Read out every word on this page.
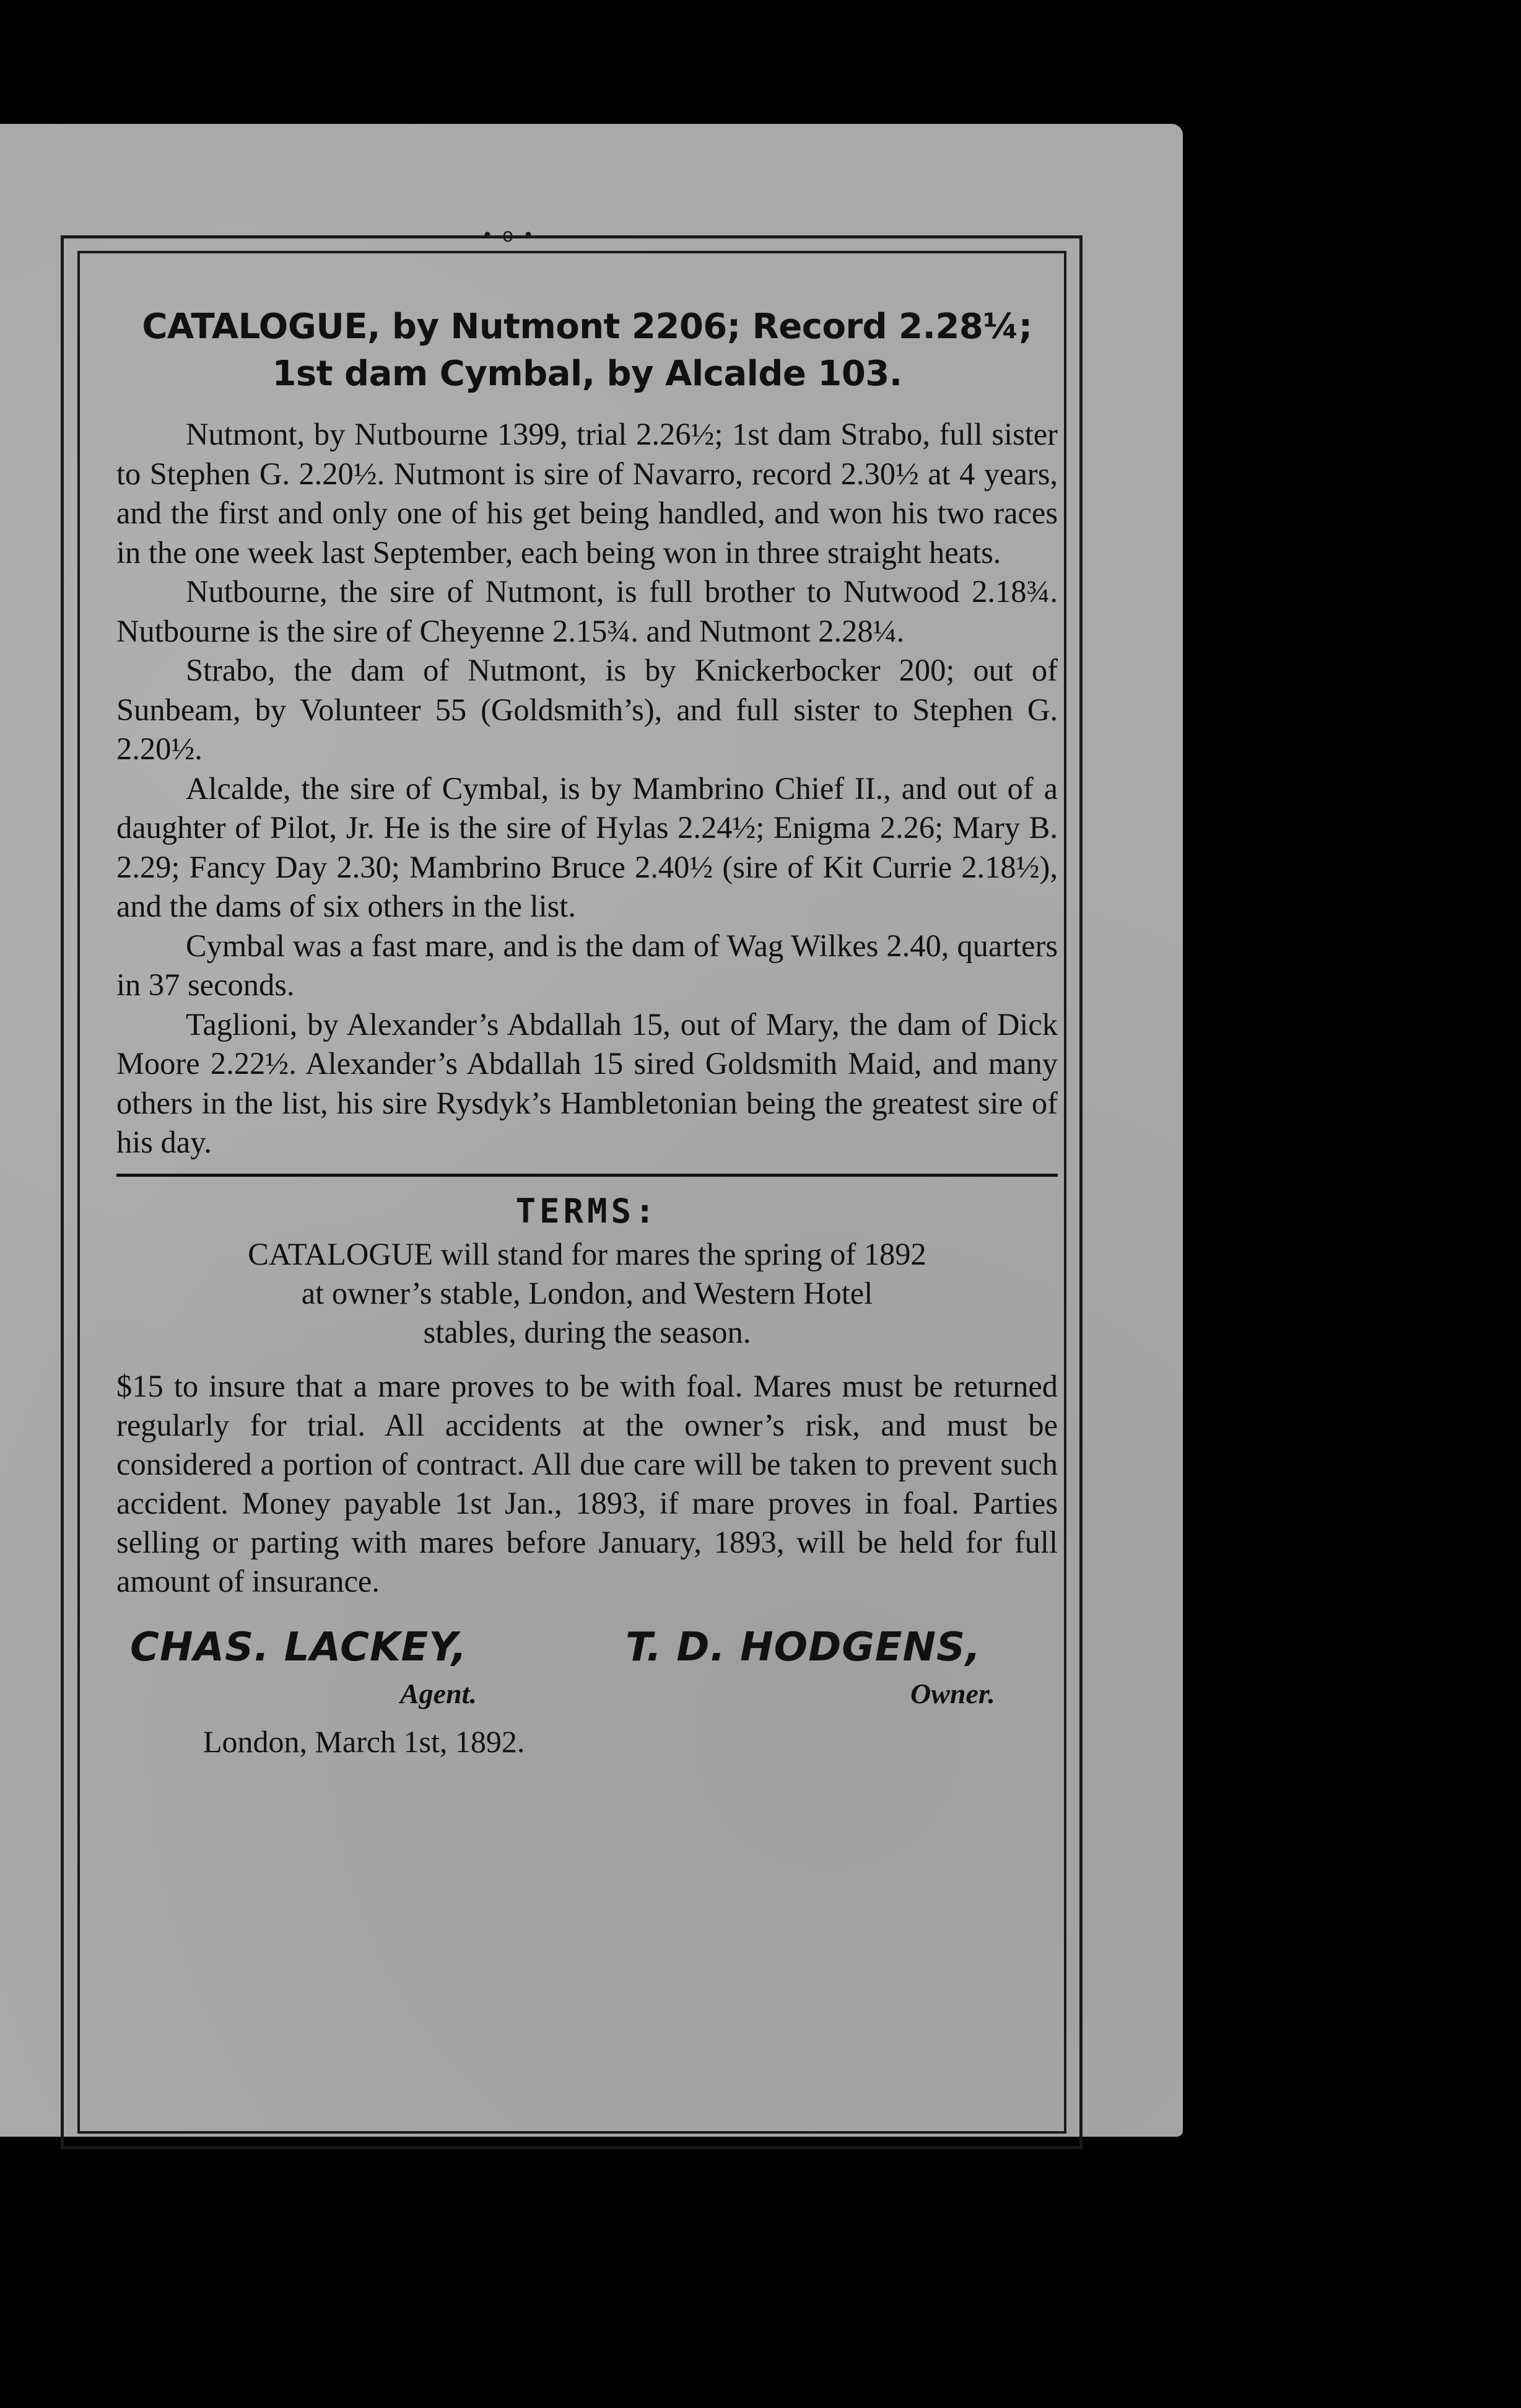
•–o–•
CATALOGUE, by Nutmont 2206; Record 2.28¼;
1st dam Cymbal, by Alcalde 103.

Nutmont, by Nutbourne 1399, trial 2.26½; 1st dam Strabo, full sister to Stephen G. 2.20½. Nutmont is sire of Navarro, record 2.30½ at 4 years, and the first and only one of his get being handled, and won his two races in the one week last September, each being won in three straight heats.

Nutbourne, the sire of Nutmont, is full brother to Nutwood 2.18¾. Nutbourne is the sire of Cheyenne 2.15¾. and Nutmont 2.28¼.

Strabo, the dam of Nutmont, is by Knickerbocker 200; out of Sunbeam, by Volunteer 55 (Goldsmith’s), and full sister to Stephen G. 2.20½.

Alcalde, the sire of Cymbal, is by Mambrino Chief II., and out of a daughter of Pilot, Jr. He is the sire of Hylas 2.24½; Enigma 2.26; Mary B. 2.29; Fancy Day 2.30; Mambrino Bruce 2.40½ (sire of Kit Currie 2.18½), and the dams of six others in the list.

Cymbal was a fast mare, and is the dam of Wag Wilkes 2.40, quarters in 37 seconds.

Taglioni, by Alexander’s Abdallah 15, out of Mary, the dam of Dick Moore 2.22½. Alexander’s Abdallah 15 sired Goldsmith Maid, and many others in the list, his sire Rysdyk’s Hambletonian being the greatest sire of his day.

TERMS:
CATALOGUE will stand for mares the spring of 1892
at owner’s stable, London, and Western Hotel
stables, during the season.

$15 to insure that a mare proves to be with foal. Mares must be returned regularly for trial. All accidents at the owner’s risk, and must be considered a portion of contract. All due care will be taken to prevent such accident. Money payable 1st Jan., 1893, if mare proves in foal. Parties selling or parting with mares before January, 1893, will be held for full amount of insurance.

CHAS. LACKEY,
Agent.
T. D. HODGENS,
Owner.
London, March 1st, 1892.
